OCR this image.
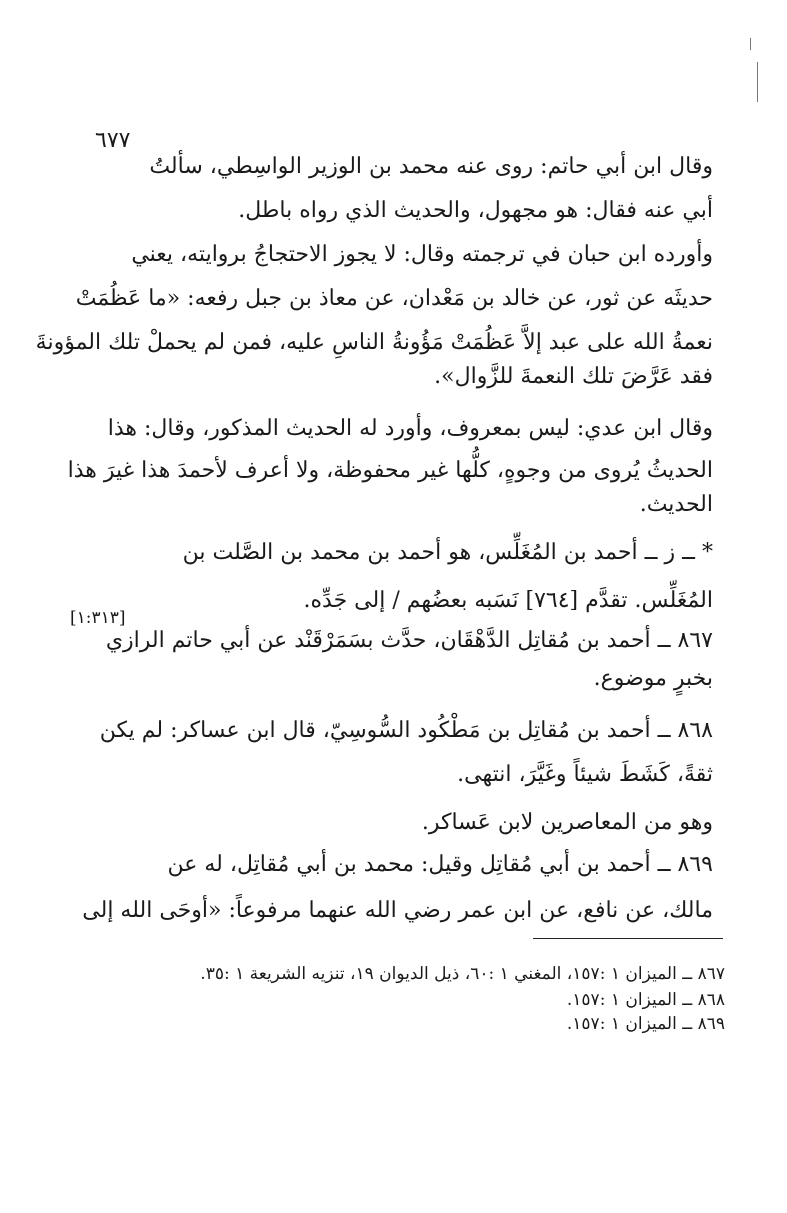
٦٧٧
وقال ابن أبي حاتم: روى عنه محمد بن الوزير الواسِطي، سألتُ
أبي عنه فقال: هو مجهول، والحديث الذي رواه باطل.
وأورده ابن حبان في ترجمته وقال: لا يجوز الاحتجاجُ بروايته، يعني
حديثَه عن ثور، عن خالد بن مَعْدان، عن معاذ بن جبل رفعه: «ما عَظُمَتْ
نعمةُ الله على عبد إلاَّ عَظُمَتْ مَؤُونةُ الناسِ عليه، فمن لم يحملْ تلك المؤونةَ
فقد عَرَّضَ تلك النعمةَ للزَّوال».
وقال ابن عدي: ليس بمعروف، وأورد له الحديث المذكور، وقال: هذا
الحديثُ يُروى من وجوهٍ، كلُّها غير محفوظة، ولا أعرف لأحمدَ هذا غيرَ هذا
الحديث.
* ــ ز ــ أحمد بن المُغَلِّس، هو أحمد بن محمد بن الصَّلت بن
المُغَلِّس. تقدَّم [٧٦٤] نَسَبه بعضُهم / إلى جَدِّه.
[١:٣١٣]
٨٦٧ ــ أحمد بن مُقاتِل الدَّهْقَان، حدَّث بسَمَرْقَنْد عن أبي حاتم الرازي
بخبرٍ موضوع.
٨٦٨ ــ أحمد بن مُقاتِل بن مَطْكُود السُّوسِيّ، قال ابن عساكر: لم يكن
ثقةً، كَشَطَ شيئاً وغَيَّرَ، انتهى.
وهو من المعاصرين لابن عَساكر.
٨٦٩ ــ أحمد بن أبي مُقاتِل وقيل: محمد بن أبي مُقاتِل، له عن
مالك، عن نافع، عن ابن عمر رضي الله عنهما مرفوعاً: «أوحَى الله إلى
٨٦٧ ــ الميزان ١ :١٥٧، المغني ١ :٦٠، ذيل الديوان ١٩، تنزيه الشريعة ١ :٣٥.
٨٦٨ ــ الميزان ١ :١٥٧.
٨٦٩ ــ الميزان ١ :١٥٧.
